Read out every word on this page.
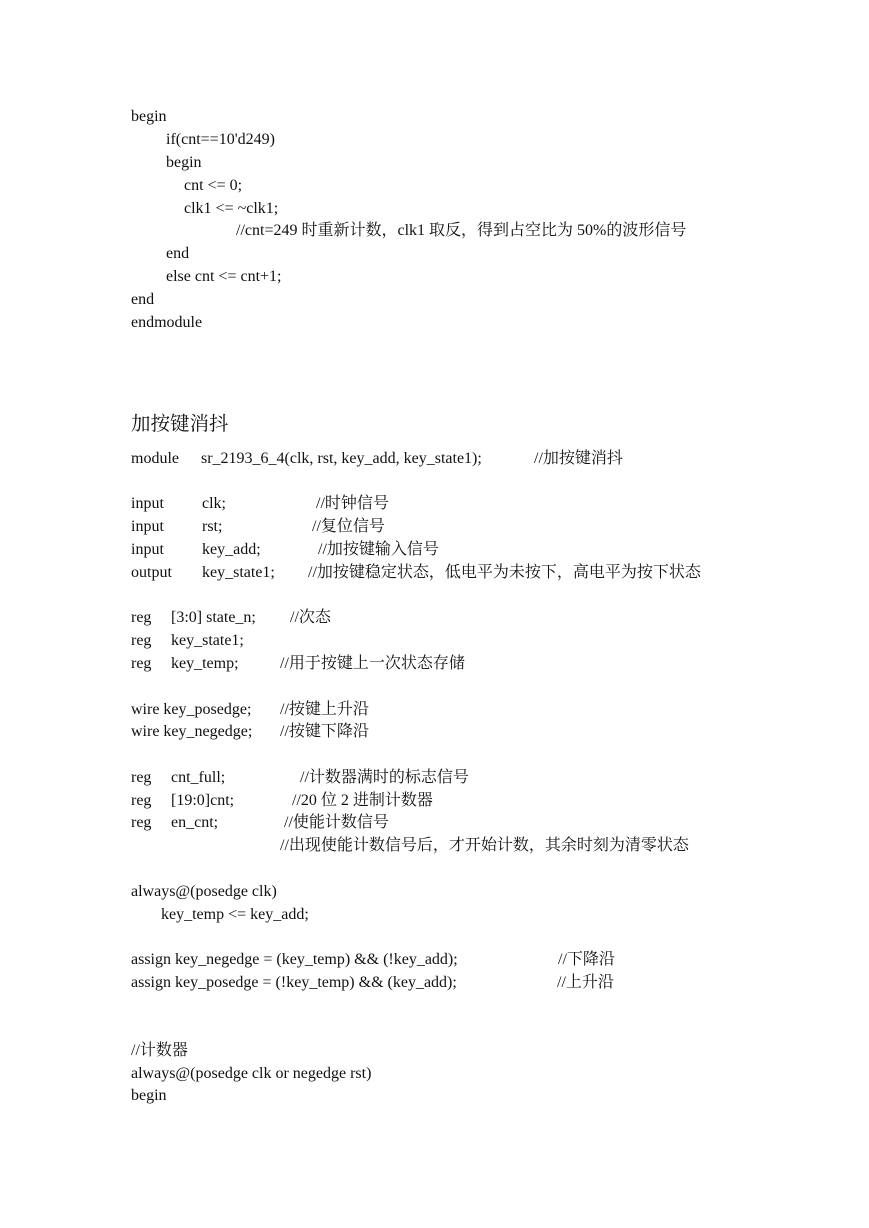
begin
if(cnt==10'd249)
begin
cnt <= 0;
clk1 <= ~clk1;
//cnt=249 时重新计数，clk1 取反，得到占空比为 50%的波形信号
end
else cnt <= cnt+1;
end
endmodule
加按键消抖
module sr_2193_6_4(clk, rst, key_add, key_state1);	//加按键消抖
input clk;	//时钟信号
input rst;	//复位信号
input key_add;	//加按键输入信号
output key_state1; //加按键稳定状态，低电平为未按下，高电平为按下状态
reg [3:0] state_n; //次态
reg key_state1;
reg key_temp;	//用于按键上一次状态存储
wire key_posedge; //按键上升沿
wire key_negedge; //按键下降沿
reg cnt_full;	//计数器满时的标志信号
reg [19:0]cnt;	//20 位 2 进制计数器
reg en_cnt;	//使能计数信号
//出现使能计数信号后，才开始计数，其余时刻为清零状态
always@(posedge clk)
key_temp <= key_add;
assign key_negedge = (key_temp) && (!key_add);	//下降沿
assign key_posedge = (!key_temp) && (key_add);	//上升沿
//计数器
always@(posedge clk or negedge rst)
begin
